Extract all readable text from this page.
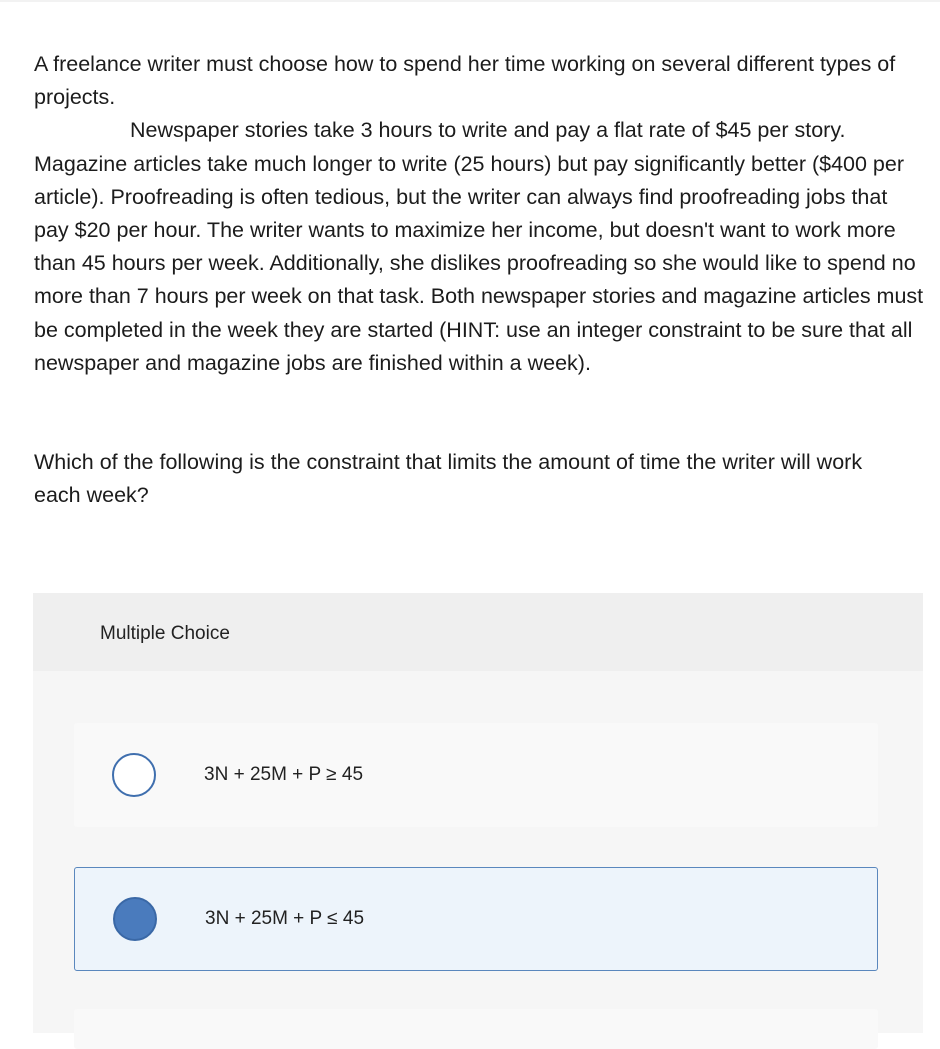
A freelance writer must choose how to spend her time working on several different types of projects.

Newspaper stories take 3 hours to write and pay a flat rate of $45 per story. Magazine articles take much longer to write (25 hours) but pay significantly better ($400 per article). Proofreading is often tedious, but the writer can always find proofreading jobs that pay $20 per hour. The writer wants to maximize her income, but doesn't want to work more than 45 hours per week. Additionally, she dislikes proofreading so she would like to spend no more than 7 hours per week on that task. Both newspaper stories and magazine articles must be completed in the week they are started (HINT: use an integer constraint to be sure that all newspaper and magazine jobs are finished within a week).

Which of the following is the constraint that limits the amount of time the writer will work each week?
Multiple Choice
3N + 25M + P ≥ 45
3N + 25M + P ≤ 45
